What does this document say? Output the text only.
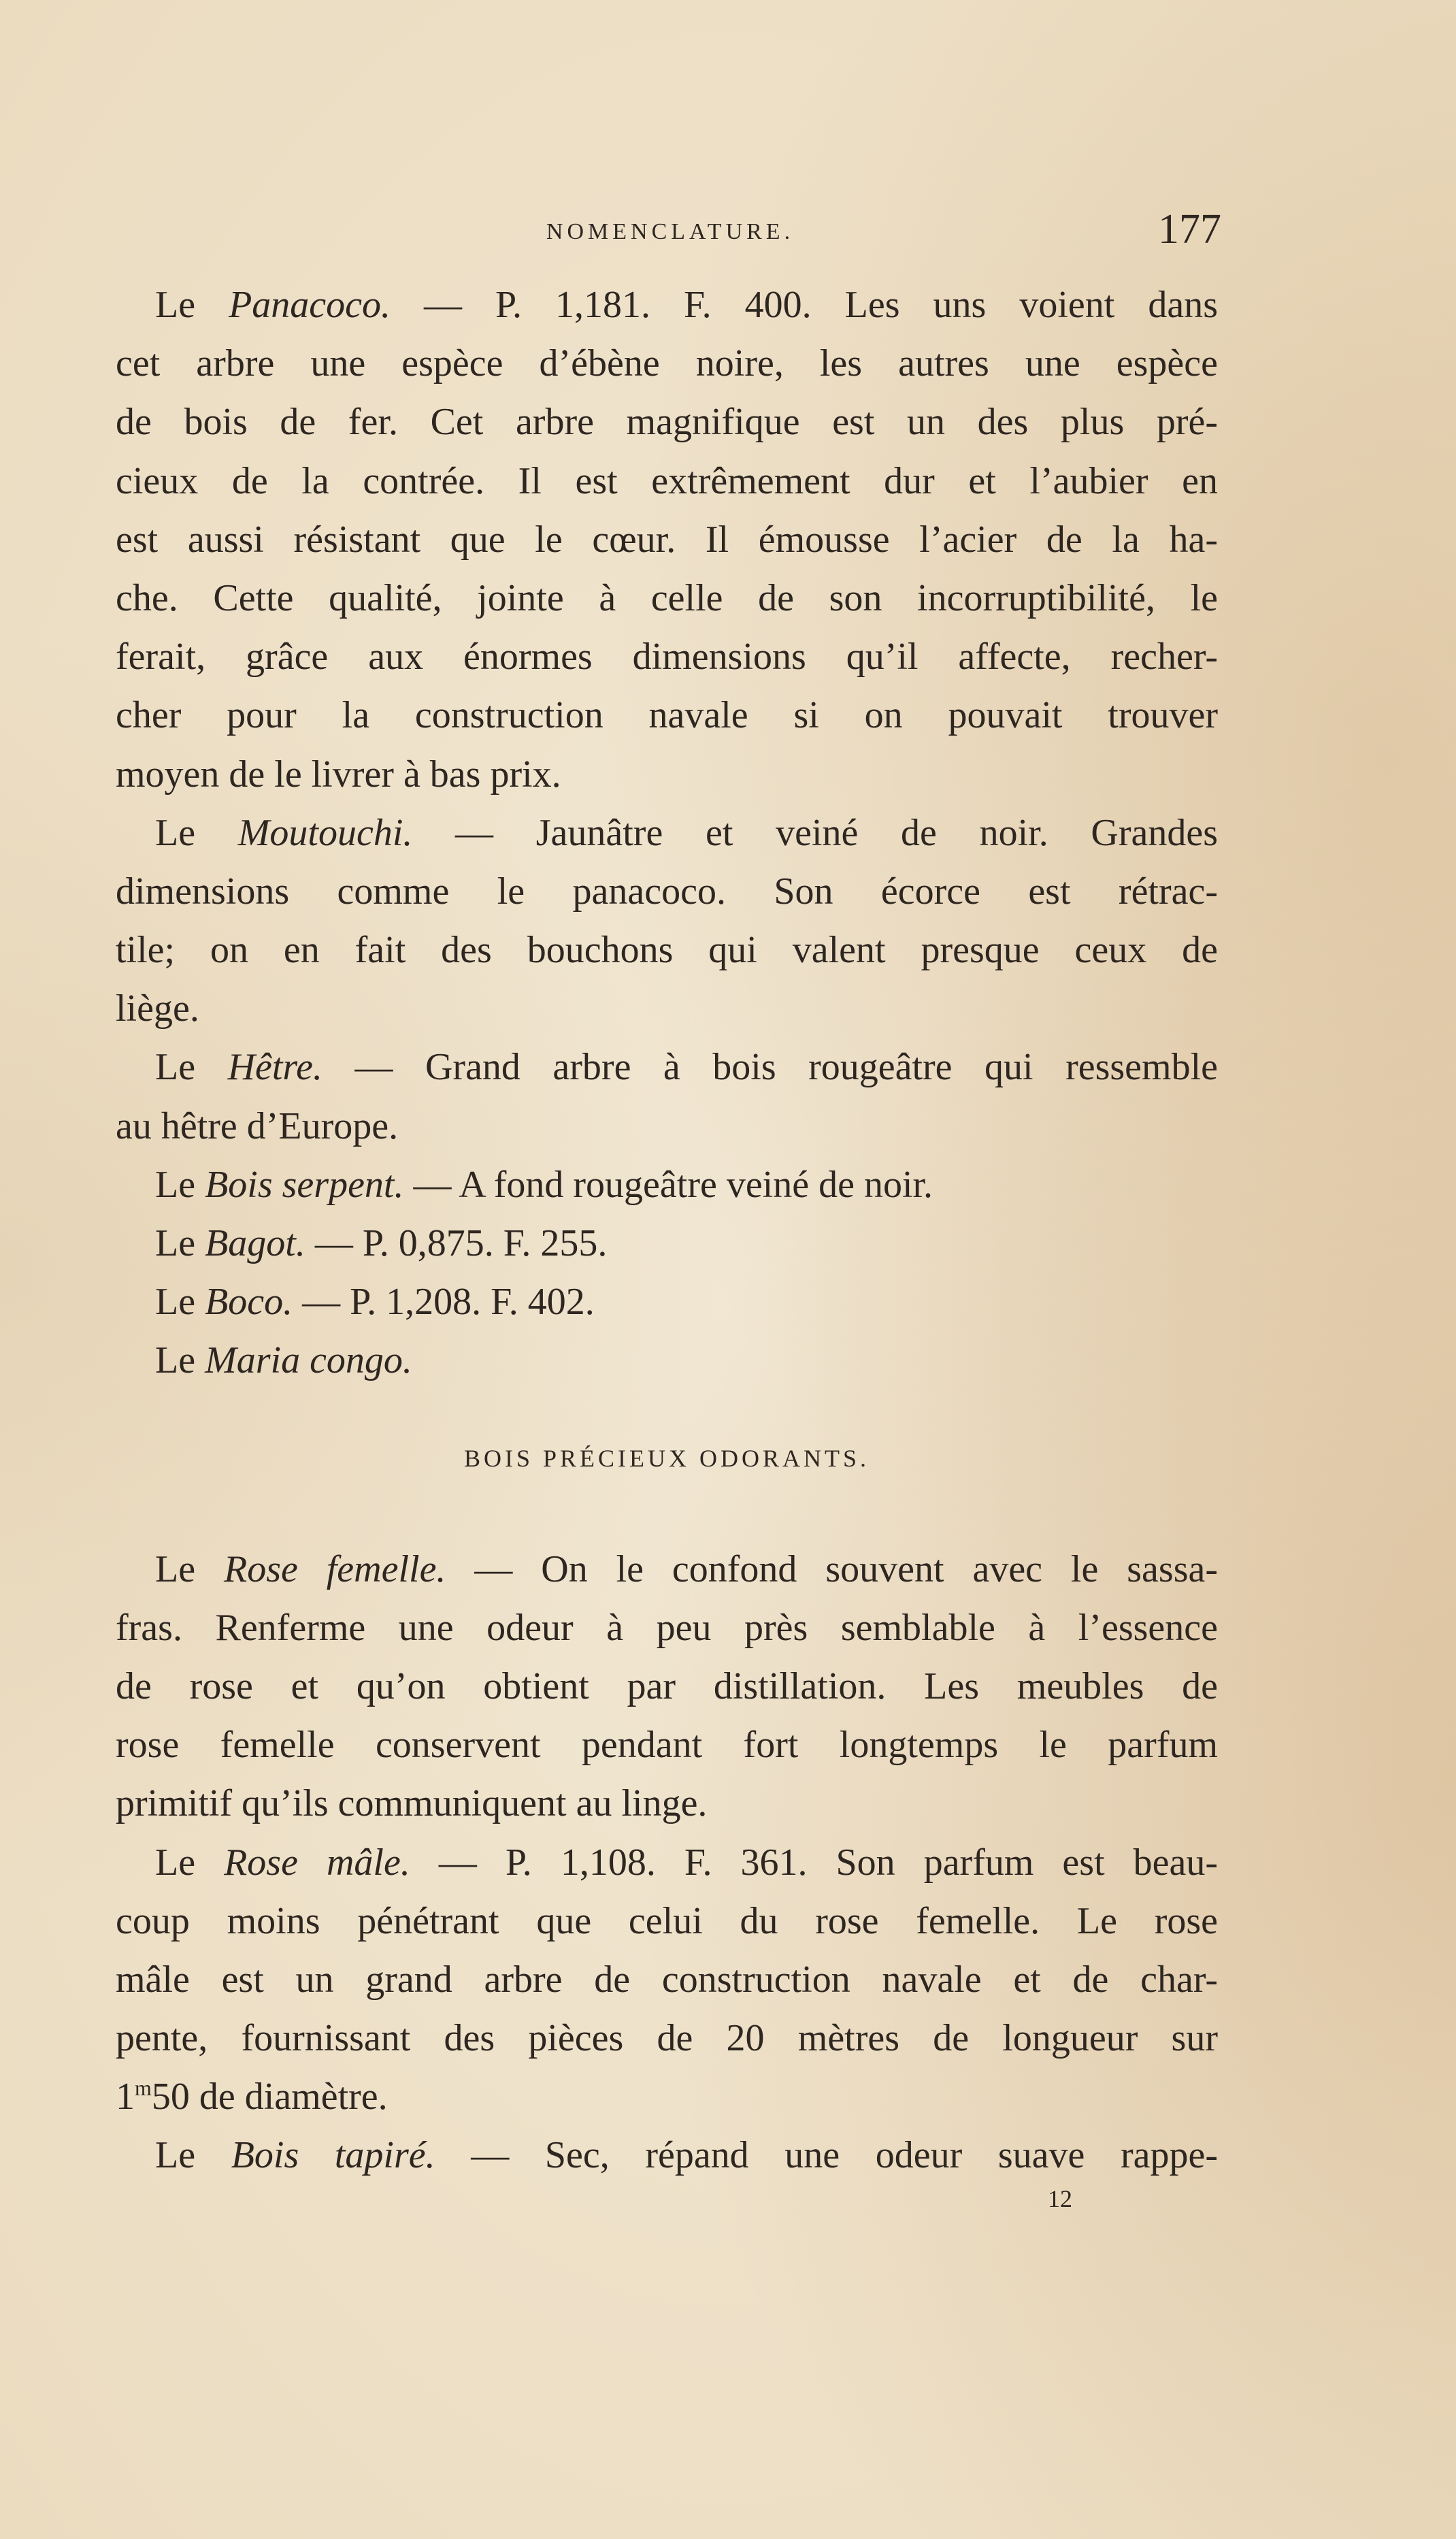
NOMENCLATURE.	177
Le Panacoco. — P. 1,181. F. 400. Les uns voient dans
cet arbre une espèce d’ébène noire, les autres une espèce
de bois de fer. Cet arbre magnifique est un des plus pré-
cieux de la contrée. Il est extrêmement dur et l’aubier en
est aussi résistant que le cœur. Il émousse l’acier de la ha-
che. Cette qualité, jointe à celle de son incorruptibilité, le
ferait, grâce aux énormes dimensions qu’il affecte, recher-
cher pour la construction navale si on pouvait trouver
moyen de le livrer à bas prix.
Le Moutouchi. — Jaunâtre et veiné de noir. Grandes
dimensions comme le panacoco. Son écorce est rétrac-
tile; on en fait des bouchons qui valent presque ceux de
liège.
Le Hêtre. — Grand arbre à bois rougeâtre qui ressemble
au hêtre d’Europe.
Le Bois serpent. — A fond rougeâtre veiné de noir.
Le Bagot. — P. 0,875. F. 255.
Le Boco. — P. 1,208. F. 402.
Le Maria congo.
BOIS PRÉCIEUX ODORANTS.
Le Rose femelle. — On le confond souvent avec le sassa-
fras. Renferme une odeur à peu près semblable à l’essence
de rose et qu’on obtient par distillation. Les meubles de
rose femelle conservent pendant fort longtemps le parfum
primitif qu’ils communiquent au linge.
Le Rose mâle. — P. 1,108. F. 361. Son parfum est beau-
coup moins pénétrant que celui du rose femelle. Le rose
mâle est un grand arbre de construction navale et de char-
pente, fournissant des pièces de 20 mètres de longueur sur
1$^m$50 de diamètre.
Le Bois tapiré. — Sec, répand une odeur suave rappe-
12
